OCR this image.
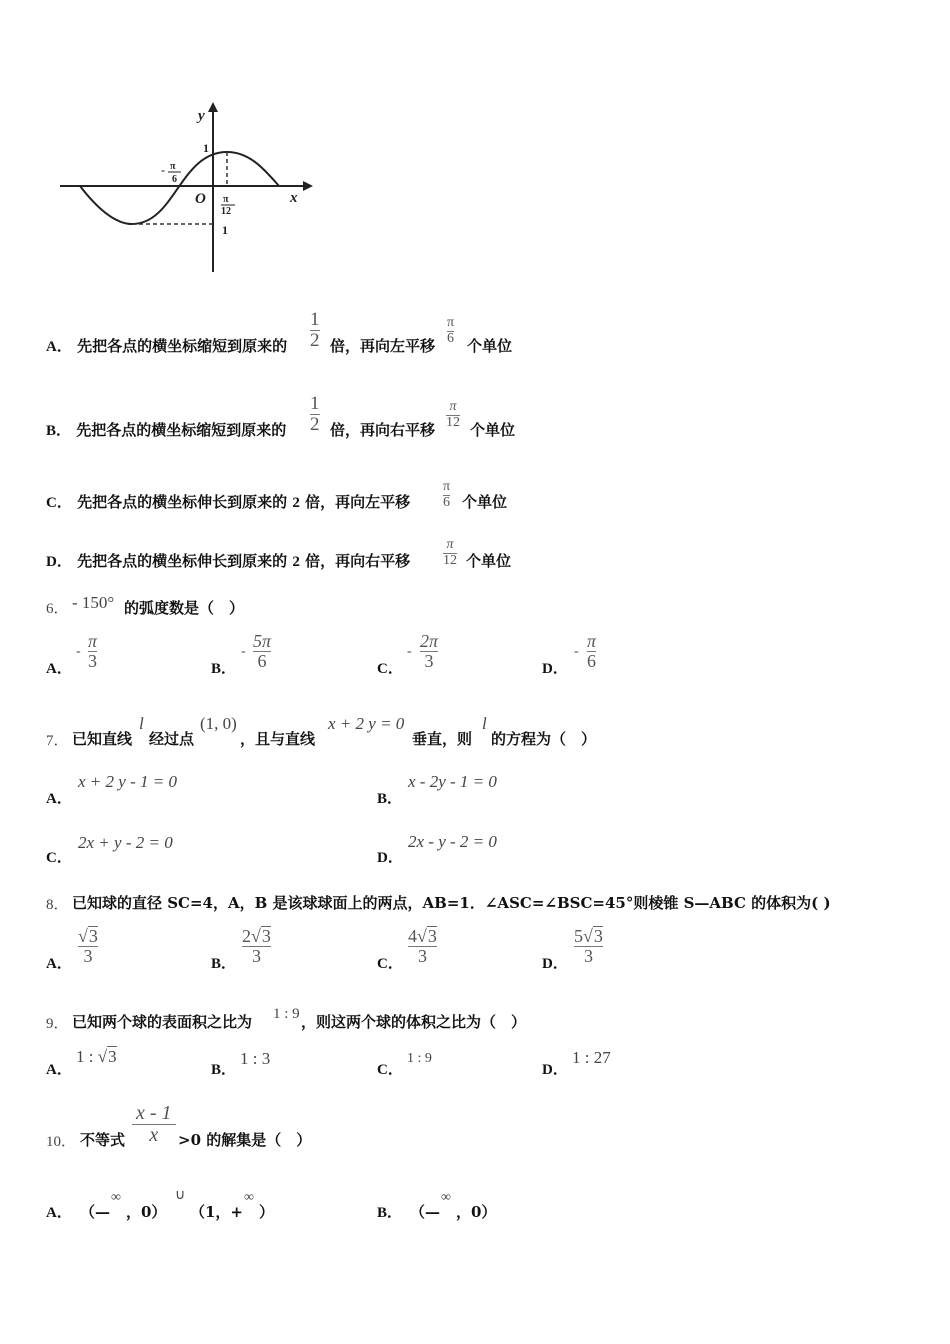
y
x
O
1
1
- π
6
π
12
A． 先把各点的横坐标缩短到原来的
1
2 倍，再向左平移
π
6 个单位
B． 先把各点的横坐标缩短到原来的
1
2 倍，再向右平移
π
12 个单位
C． 先把各点的横坐标伸长到原来的 2 倍，再向左平移
π
6 个单位
D． 先把各点的横坐标伸长到原来的 2 倍，再向右平移
π
12 个单位
6． - 150° 的弧度数是（　）
A．
-
π
3	B．
-
5π
6	C．
-
2π
3	D．
-
π
6
7． 已知直线
l
经过点
(1, 0)
，且与直线
x + 2 y = 0
垂直，则
l
的方程为（　）
A．
x + 2 y - 1 = 0
B．
x - 2y - 1 = 0
C．
2x + y - 2 = 0
D．
2x - y - 2 = 0
8． 已知球的直径 SC=4，A，B 是该球球面上的两点，AB=1．∠ASC=∠BSC=45°则棱锥 S—ABC 的体积为( )
A．
√3
3	B．
2√3
3	C．
4√3
3	D．
5√3
3
9． 已知两个球的表面积之比为 1 : 9 ，则这两个球的体积之比为（　）
A．
1 : √3
B．
1 : 3
C．
1 : 9
D．
1 : 27
10． 不等式
x - 1
x >0 的解集是（　）
A． （—
∞
，0）
∪
（1，+
∞
）	B． （—
∞
，0）
